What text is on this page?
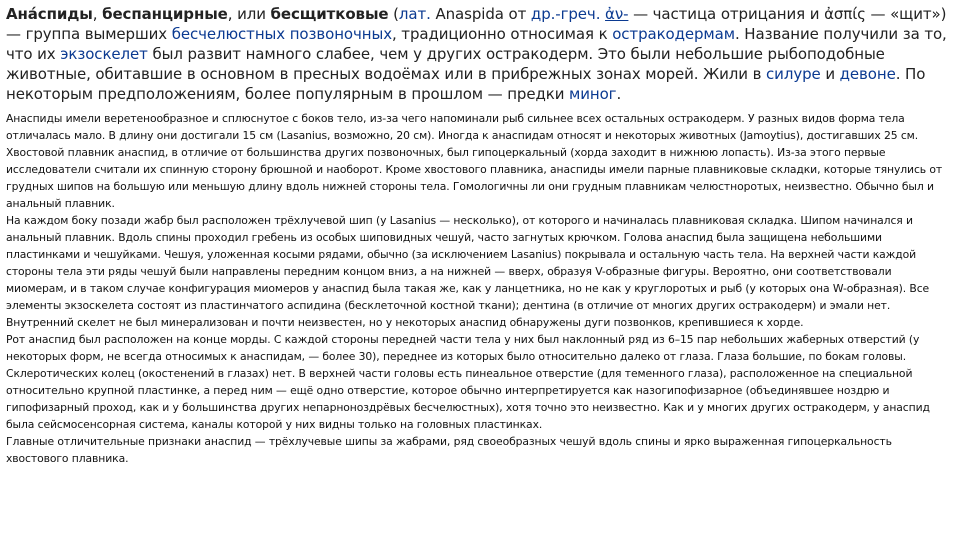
Ана́спиды, беспанцирные, или бесщитковые (лат. Anaspida от др.-греч. ἀν- — частица отрицания и ἀσπίς — «щит») — группа вымерших бесчелюстных позвоночных, традиционно относимая к остракодермам. Название получили за то, что их экзоскелет был развит намного слабее, чем у других остракодерм. Это были небольшие рыбоподобные животные, обитавшие в основном в пресных водоёмах или в прибрежных зонах морей. Жили в силуре и девоне. По некоторым предположениям, более популярным в прошлом — предки миног.

Анаспиды имели веретенообразное и сплюснутое с боков тело, из-за чего напоминали рыб сильнее всех остальных остракодерм. У разных видов форма тела отличалась мало. В длину они достигали 15 см (Lasanius, возможно, 20 см). Иногда к анаспидам относят и некоторых животных (Jamoytius), достигавших 25 см.

Хвостовой плавник анаспид, в отличие от большинства других позвоночных, был гипоцеркальный (хорда заходит в нижнюю лопасть). Из-за этого первые исследователи считали их спинную сторону брюшной и наоборот. Кроме хвостового плавника, анаспиды имели парные плавниковые складки, которые тянулись от грудных шипов на большую или меньшую длину вдоль нижней стороны тела. Гомологичны ли они грудным плавникам челюстноротых, неизвестно. Обычно был и анальный плавник.

На каждом боку позади жабр был расположен трёхлучевой шип (у Lasanius — несколько), от которого и начиналась плавниковая складка. Шипом начинался и анальный плавник. Вдоль спины проходил гребень из особых шиповидных чешуй, часто загнутых крючком. Голова анаспид была защищена небольшими пластинками и чешуйками. Чешуя, уложенная косыми рядами, обычно (за исключением Lasanius) покрывала и остальную часть тела. На верхней части каждой стороны тела эти ряды чешуй были направлены передним концом вниз, а на нижней — вверх, образуя V-образные фигуры. Вероятно, они соответствовали миомерам, и в таком случае конфигурация миомеров у анаспид была такая же, как у ланцетника, но не как у круглоротых и рыб (у которых она W-образная). Все элементы экзоскелета состоят из пластинчатого аспидина (бесклеточной костной ткани); дентина (в отличие от многих других остракодерм) и эмали нет. Внутренний скелет не был минерализован и почти неизвестен, но у некоторых анаспид обнаружены дуги позвонков, крепившиеся к хорде.

Рот анаспид был расположен на конце морды. С каждой стороны передней части тела у них был наклонный ряд из 6–15 пар небольших жаберных отверстий (у некоторых форм, не всегда относимых к анаспидам, — более 30), переднее из которых было относительно далеко от глаза. Глаза большие, по бокам головы. Склеротических колец (окостенений в глазах) нет. В верхней части головы есть пинеальное отверстие (для теменного глаза), расположенное на специальной относительно крупной пластинке, а перед ним — ещё одно отверстие, которое обычно интерпретируется как назогипофизарное (объединявшее ноздрю и гипофизарный проход, как и у большинства других непарноноздрёвых бесчелюстных), хотя точно это неизвестно. Как и у многих других остракодерм, у анаспид была сейсмосенсорная система, каналы которой у них видны только на головных пластинках.

Главные отличительные признаки анаспид — трёхлучевые шипы за жабрами, ряд своеобразных чешуй вдоль спины и ярко выраженная гипоцеркальность хвостового плавника.
